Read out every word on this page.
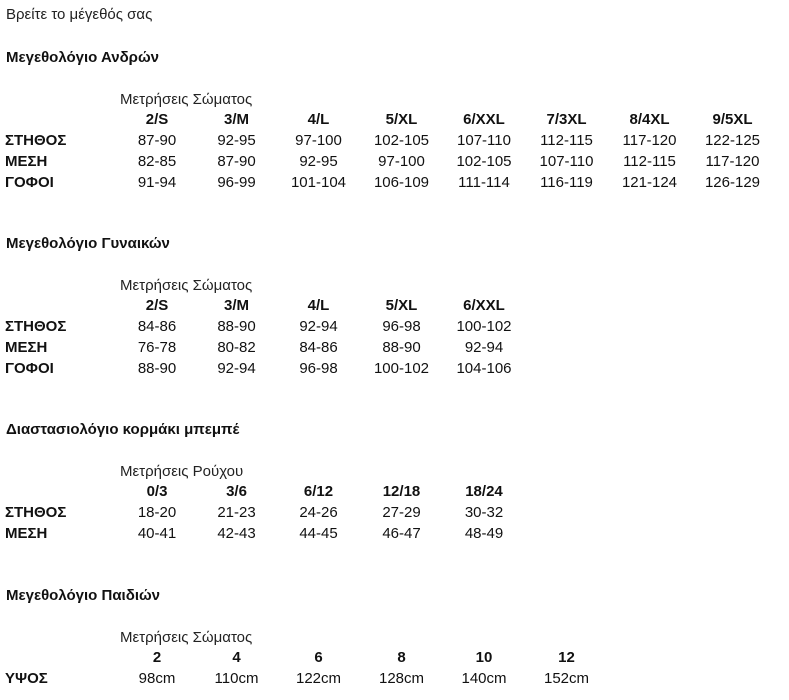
Βρείτε το μέγεθός σας
Μεγεθολόγιο Ανδρών
Μετρήσεις Σώματος
	2/S	3/M	4/L	5/XL	6/XXL	7/3XL	8/4XL	9/5XL
ΣΤΗΘΟΣ	87-90	92-95	97-100	102-105	107-110	112-115	117-120	122-125
ΜΕΣΗ	82-85	87-90	92-95	97-100	102-105	107-110	112-115	117-120
ΓΟΦΟΙ	91-94	96-99	101-104	106-109	111-114	116-119	121-124	126-129
Μεγεθολόγιο Γυναικών
Μετρήσεις Σώματος
	2/S	3/M	4/L	5/XL	6/XXL
ΣΤΗΘΟΣ	84-86	88-90	92-94	96-98	100-102
ΜΕΣΗ	76-78	80-82	84-86	88-90	92-94
ΓΟΦΟΙ	88-90	92-94	96-98	100-102	104-106
Διαστασιολόγιο κορμάκι μπεμπέ
Μετρήσεις Ρούχου
	0/3	3/6	6/12	12/18	18/24
ΣΤΗΘΟΣ	18-20	21-23	24-26	27-29	30-32
ΜΕΣΗ	40-41	42-43	44-45	46-47	48-49
Μεγεθολόγιο Παιδιών
Μετρήσεις Σώματος
	2	4	6	8	10	12
ΥΨΟΣ	98cm	110cm	122cm	128cm	140cm	152cm
